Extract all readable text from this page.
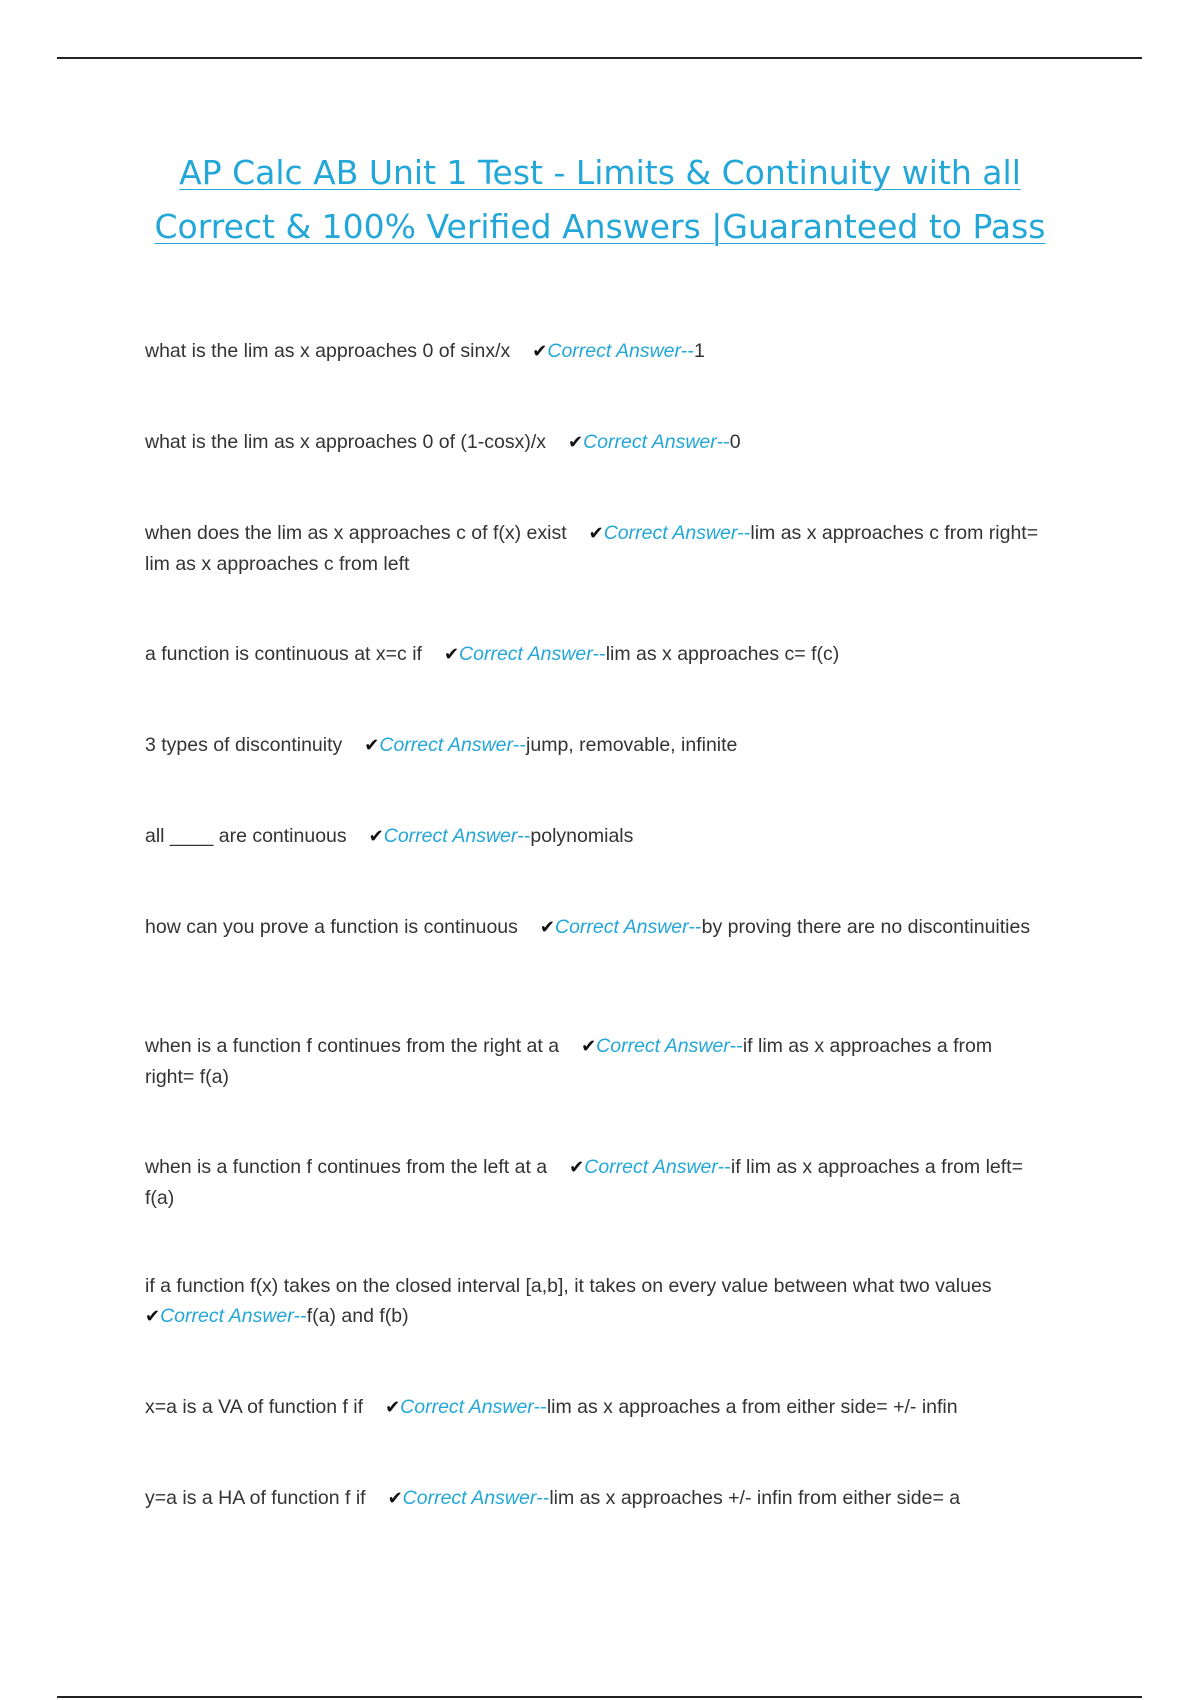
AP Calc AB Unit 1 Test - Limits & Continuity with all
Correct & 100% Verified Answers |Guaranteed to Pass
what is the lim as x approaches 0 of sinx/x ✔Correct Answer--1
what is the lim as x approaches 0 of (1-cosx)/x ✔Correct Answer--0
when does the lim as x approaches c of f(x) exist ✔Correct Answer--lim as x approaches c from right= lim as x approaches c from left
a function is continuous at x=c if ✔Correct Answer--lim as x approaches c= f(c)
3 types of discontinuity ✔Correct Answer--jump, removable, infinite
all ____ are continuous ✔Correct Answer--polynomials
how can you prove a function is continuous ✔Correct Answer--by proving there are no discontinuities
when is a function f continues from the right at a ✔Correct Answer--if lim as x approaches a from right= f(a)
when is a function f continues from the left at a ✔Correct Answer--if lim as x approaches a from left= f(a)
if a function f(x) takes on the closed interval [a,b], it takes on every value between what two values✔Correct Answer--f(a) and f(b)
x=a is a VA of function f if ✔Correct Answer--lim as x approaches a from either side= +/- infin
y=a is a HA of function f if ✔Correct Answer--lim as x approaches +/- infin from either side= a
